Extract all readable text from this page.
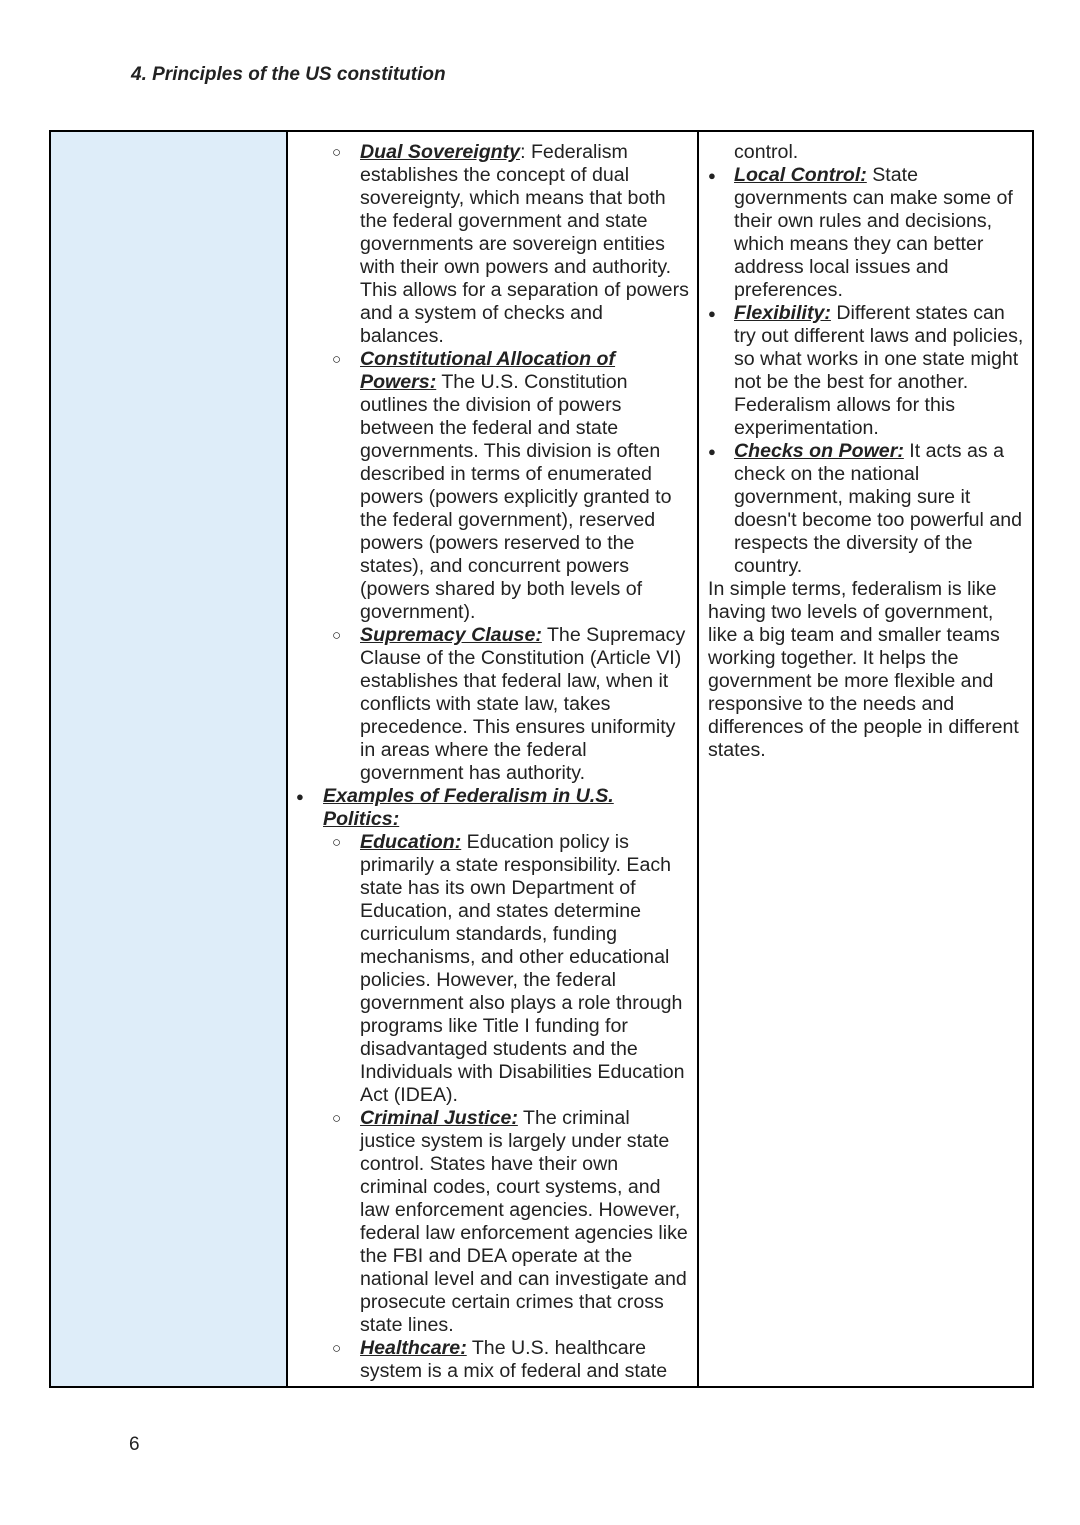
4. Principles of the US constitution
○ Dual Sovereignty: Federalism establishes the concept of dual sovereignty, which means that both the federal government and state governments are sovereign entities with their own powers and authority. This allows for a separation of powers and a system of checks and balances.
○ Constitutional Allocation of Powers: The U.S. Constitution outlines the division of powers between the federal and state governments. This division is often described in terms of enumerated powers (powers explicitly granted to the federal government), reserved powers (powers reserved to the states), and concurrent powers (powers shared by both levels of government).
○ Supremacy Clause: The Supremacy Clause of the Constitution (Article VI) establishes that federal law, when it conflicts with state law, takes precedence. This ensures uniformity in areas where the federal government has authority.
● Examples of Federalism in U.S. Politics:
○ Education: Education policy is primarily a state responsibility. Each state has its own Department of Education, and states determine curriculum standards, funding mechanisms, and other educational policies. However, the federal government also plays a role through programs like Title I funding for disadvantaged students and the Individuals with Disabilities Education Act (IDEA).
○ Criminal Justice: The criminal justice system is largely under state control. States have their own criminal codes, court systems, and law enforcement agencies. However, federal law enforcement agencies like the FBI and DEA operate at the national level and can investigate and prosecute certain crimes that cross state lines.
○ Healthcare: The U.S. healthcare system is a mix of federal and state
control.
● Local Control: State governments can make some of their own rules and decisions, which means they can better address local issues and preferences.
● Flexibility: Different states can try out different laws and policies, so what works in one state might not be the best for another. Federalism allows for this experimentation.
● Checks on Power: It acts as a check on the national government, making sure it doesn't become too powerful and respects the diversity of the country.
In simple terms, federalism is like having two levels of government, like a big team and smaller teams working together. It helps the government be more flexible and responsive to the needs and differences of the people in different states.
6
